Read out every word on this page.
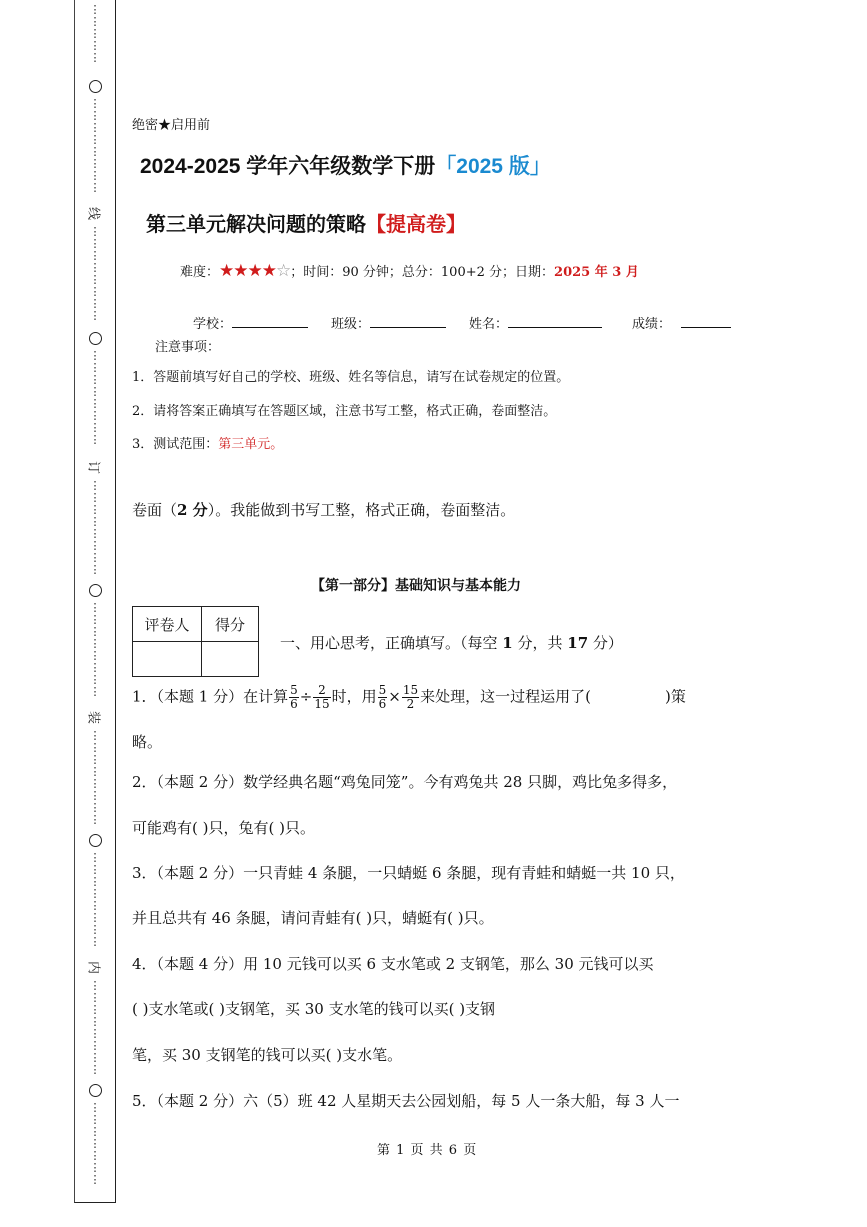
⋮
⋮
⋮
⋮
⋮
⋮
⋮
⋮
⋮
⋮
⋮
⋮
⋮
线
⋮
⋮
⋮
⋮
⋮
⋮
⋮
⋮
⋮
⋮
⋮
⋮
⋮
⋮
⋮
⋮
订
⋮
⋮
⋮
⋮
⋮
⋮
⋮
⋮
⋮
⋮
⋮
⋮
⋮
⋮
⋮
⋮
装
⋮
⋮
⋮
⋮
⋮
⋮
⋮
⋮
⋮
⋮
⋮
⋮
⋮
⋮
⋮
⋮
内
⋮
⋮
⋮
⋮
⋮
⋮
⋮
⋮
⋮
⋮
⋮
⋮
⋮
⋮
⋮
绝密★启用前
2024-2025 学年六年级数学下册「2025 版」
第三单元解决问题的策略【提高卷】
难度：★★★★☆；时间：90 分钟；总分：100+2 分；日期：2025 年 3 月
学校：	班级：	姓名：	成绩：
注意事项：
1．答题前填写好自己的学校、班级、姓名等信息，请写在试卷规定的位置。
2．请将答案正确填写在答题区域，注意书写工整，格式正确，卷面整洁。
3．测试范围：第三单元。
卷面（2 分）。我能做到书写工整，格式正确，卷面整洁。
【第一部分】基础知识与基本能力
评卷人	得分

一、用心思考，正确填写。（每空 1 分，共 17 分）
1．（本题 1 分）在计算 $\frac{5}{6} \div \frac{2}{15}$ 时，用 $\frac{5}{6} \times \frac{15}{2}$ 来处理，这一过程运用了(	)策
略。
2．（本题 2 分）数学经典名题“鸡兔同笼”。今有鸡兔共 28 只脚，鸡比兔多得多，
可能鸡有( )只，兔有( )只。
3．（本题 2 分）一只青蛙 4 条腿，一只蜻蜓 6 条腿，现有青蛙和蜻蜓一共 10 只，
并且总共有 46 条腿，请问青蛙有( )只，蜻蜓有( )只。
4．（本题 4 分）用 10 元钱可以买 6 支水笔或 2 支钢笔，那么 30 元钱可以买
( )支水笔或( )支钢笔，买 30 支水笔的钱可以买( )支钢
笔，买 30 支钢笔的钱可以买( )支水笔。
5．（本题 2 分）六（5）班 42 人星期天去公园划船，每 5 人一条大船，每 3 人一
第 1 页 共 6 页
